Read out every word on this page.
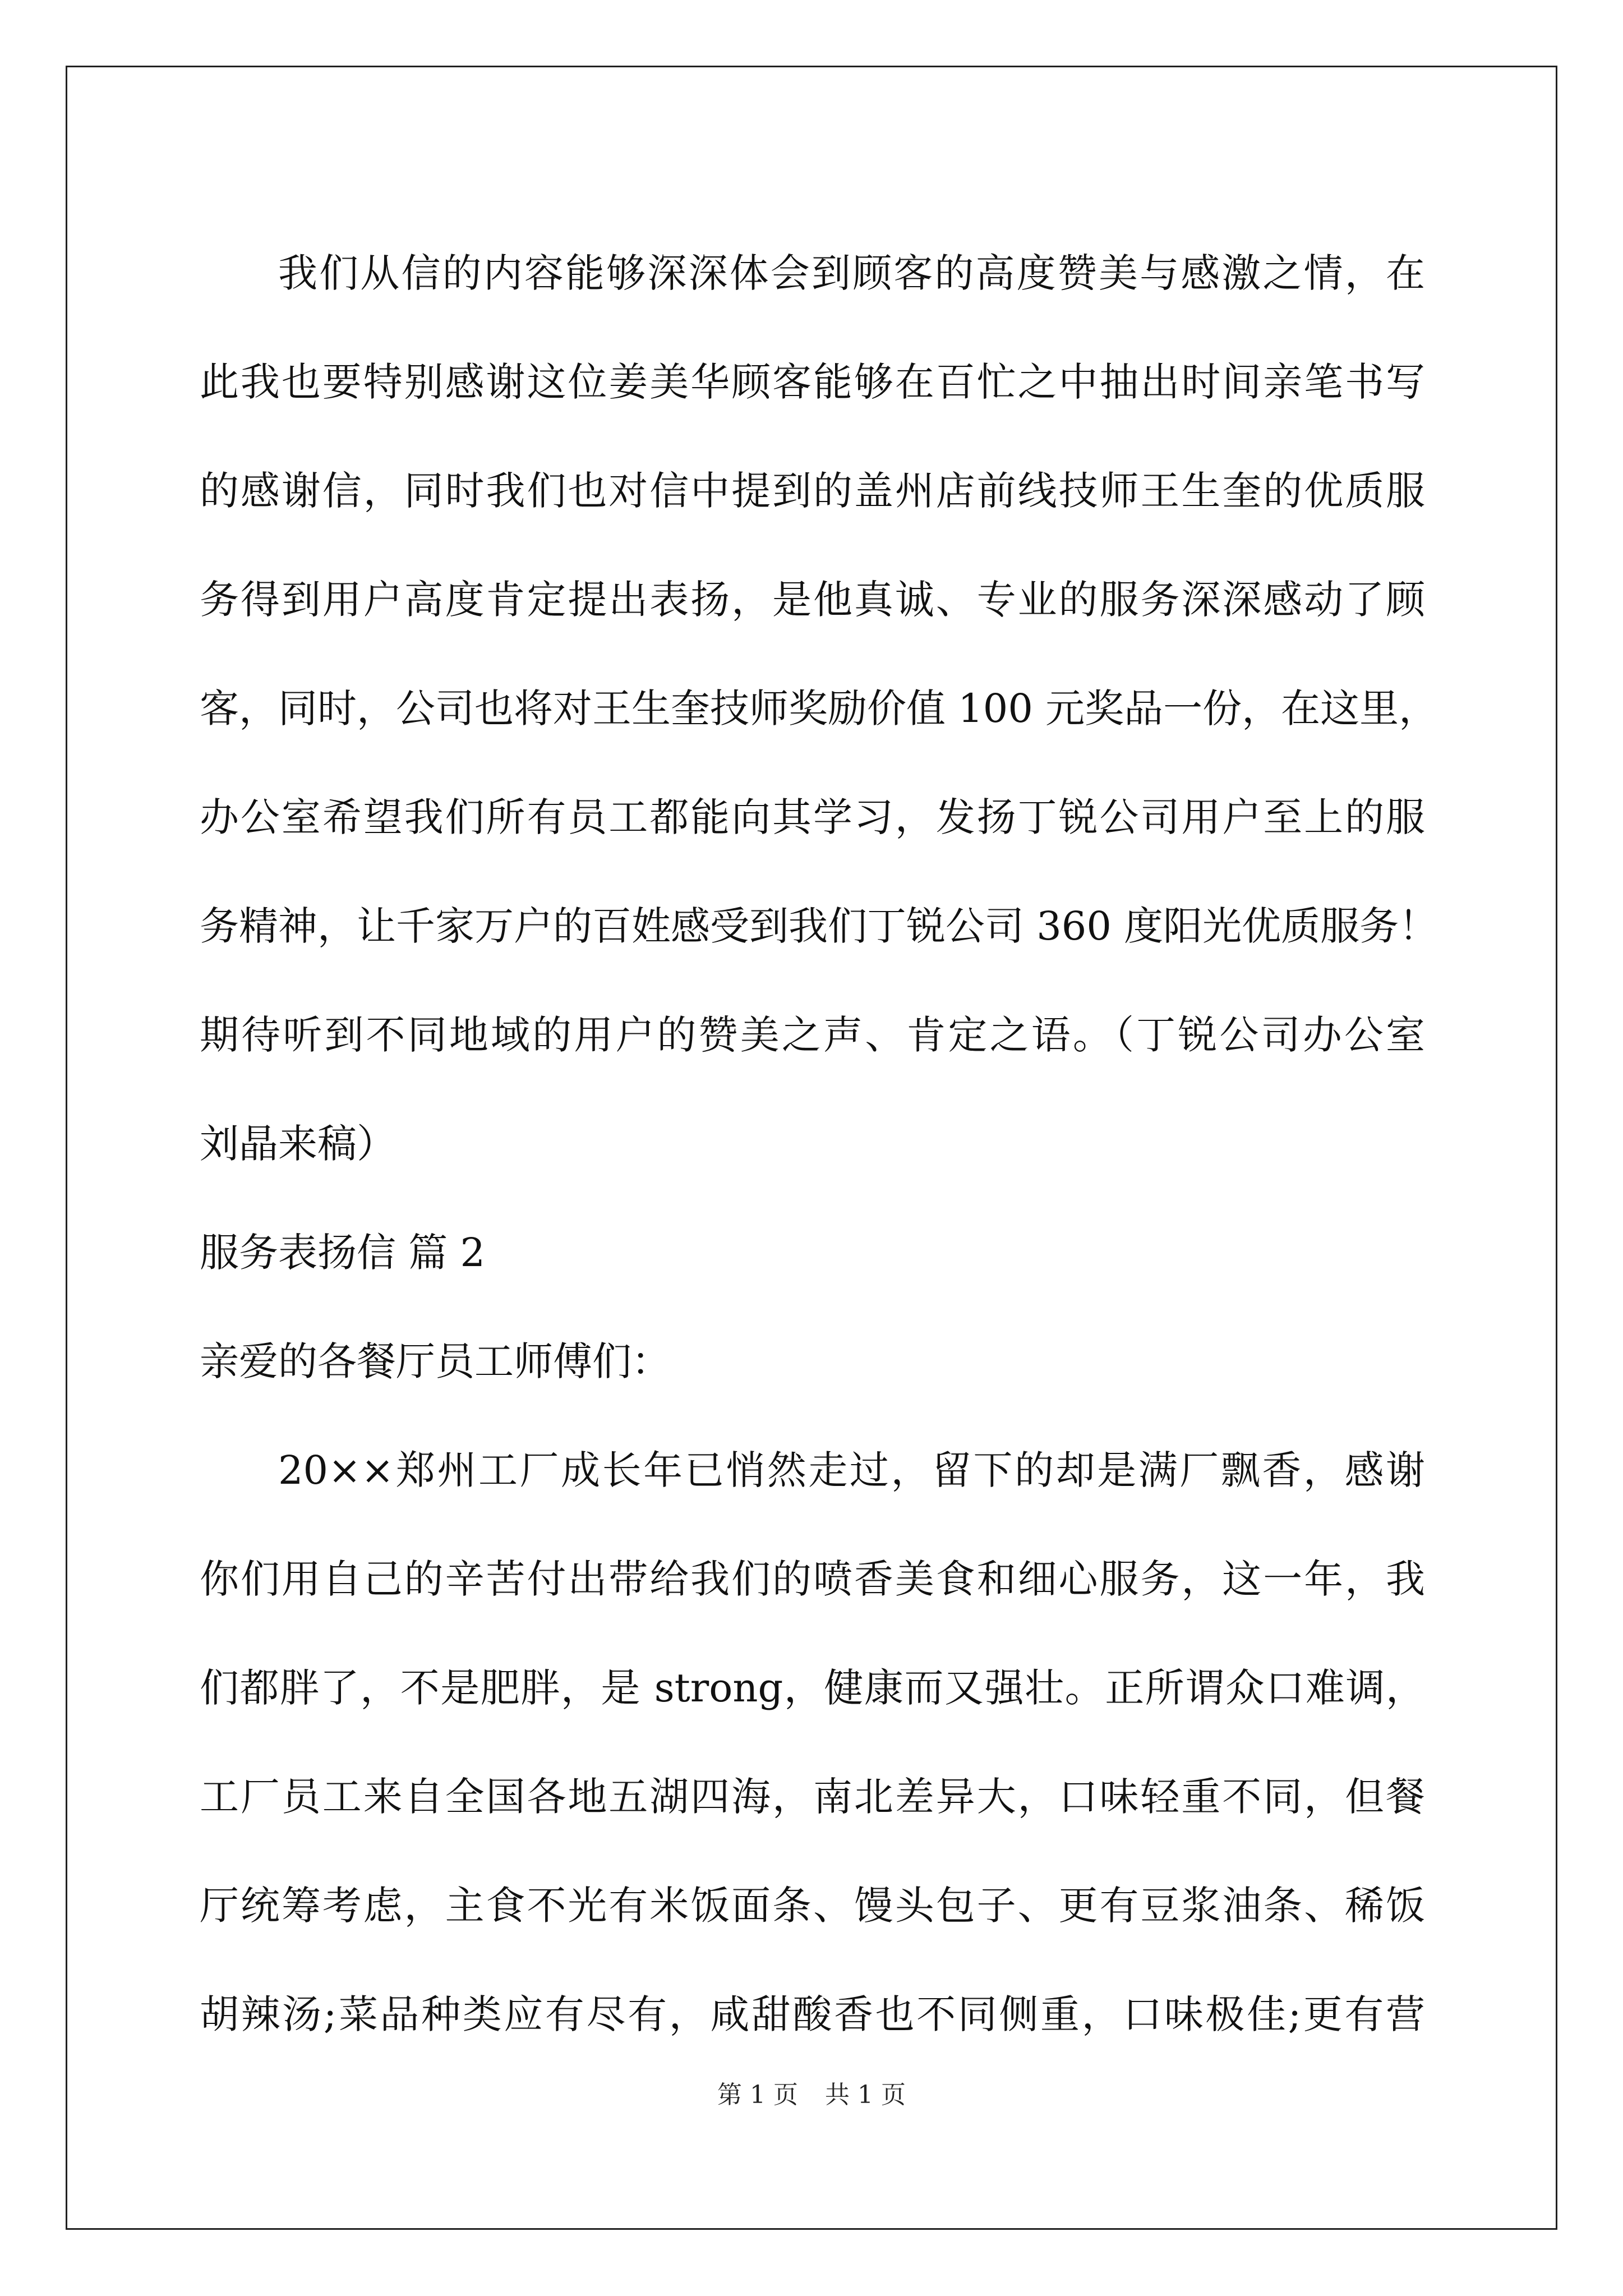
我们从信的内容能够深深体会到顾客的高度赞美与感激之情，在
此我也要特别感谢这位姜美华顾客能够在百忙之中抽出时间亲笔书写
的感谢信，同时我们也对信中提到的盖州店前线技师王生奎的优质服
务得到用户高度肯定提出表扬，是他真诚、专业的服务深深感动了顾
客，同时，公司也将对王生奎技师奖励价值 100 元奖品一份，在这里，
办公室希望我们所有员工都能向其学习，发扬丁锐公司用户至上的服
务精神，让千家万户的百姓感受到我们丁锐公司 360 度阳光优质服务！
期待听到不同地域的用户的赞美之声、肯定之语。（丁锐公司办公室
刘晶来稿）
服务表扬信 篇 2
亲爱的各餐厅员工师傅们：
20××郑州工厂成长年已悄然走过，留下的却是满厂飘香，感谢
你们用自己的辛苦付出带给我们的喷香美食和细心服务，这一年，我
们都胖了，不是肥胖，是 strong，健康而又强壮。正所谓众口难调，
工厂员工来自全国各地五湖四海，南北差异大，口味轻重不同，但餐
厅统筹考虑，主食不光有米饭面条、馒头包子、更有豆浆油条、稀饭
胡辣汤;菜品种类应有尽有，咸甜酸香也不同侧重，口味极佳;更有营
第 1 页 共 1 页
